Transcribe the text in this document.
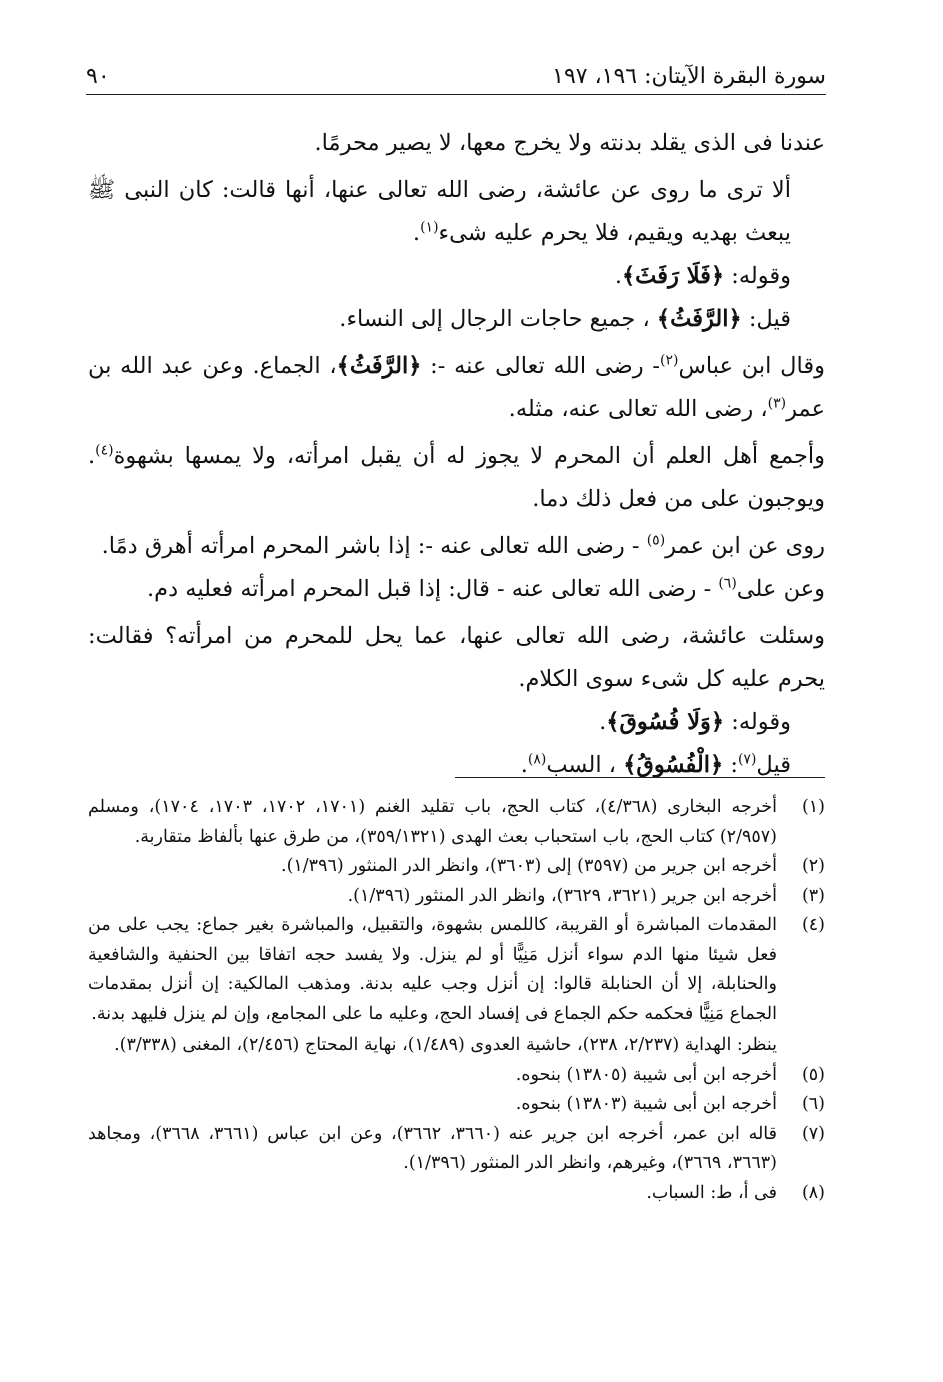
سورة البقرة الآيتان: ١٩٦، ١٩٧
٩٠

عندنا فى الذى يقلد بدنته ولا يخرج معها، لا يصير محرمًا.

ألا ترى ما روى عن عائشة، رضى الله تعالى عنها، أنها قالت: كان النبى ﷺ يبعث بهديه ويقيم، فلا يحرم عليه شىء$^{(١)}$.

وقوله: ﴿فَلَا رَفَثَ﴾.

قيل: ﴿الرَّفَثُ﴾ ، جميع حاجات الرجال إلى النساء.

وقال ابن عباس$^{(٢)}$- رضى الله تعالى عنه -: ﴿الرَّفَثُ﴾، الجماع. وعن عبد الله بن عمر$^{(٣)}$، رضى الله تعالى عنه، مثله.

وأجمع أهل العلم أن المحرم لا يجوز له أن يقبل امرأته، ولا يمسها بشهوة$^{(٤)}$. ويوجبون على من فعل ذلك دما.

روى عن ابن عمر$^{(٥)}$ - رضى الله تعالى عنه -: إذا باشر المحرم امرأته أهرق دمًا.

وعن على$^{(٦)}$ - رضى الله تعالى عنه - قال: إذا قبل المحرم امرأته فعليه دم.

وسئلت عائشة، رضى الله تعالى عنها، عما يحل للمحرم من امرأته؟ فقالت: يحرم عليه كل شىء سوى الكلام.

وقوله: ﴿وَلَا فُسُوقَ﴾.

قيل$^{(٧)}$: ﴿الْفُسُوقُ﴾ ، السب$^{(٨)}$.

(١)
أخرجه البخارى (٤/٣٦٨)، كتاب الحج، باب تقليد الغنم (١٧٠١، ١٧٠٢، ١٧٠٣، ١٧٠٤)، ومسلم (٢/٩٥٧) كتاب الحج، باب استحباب بعث الهدى (٣٥٩/١٣٢١)، من طرق عنها بألفاظ متقاربة.
(٢)
أخرجه ابن جرير من (٣٥٩٧) إلى (٣٦٠٣)، وانظر الدر المنثور (١/٣٩٦).
(٣)
أخرجه ابن جرير (٣٦٢١، ٣٦٢٩)، وانظر الدر المنثور (١/٣٩٦).
(٤)
المقدمات المباشرة أو القريبة، كاللمس بشهوة، والتقبيل، والمباشرة بغير جماع: يجب على من فعل شيئا منها الدم سواء أنزل مَنِيًّا أو لم ينزل. ولا يفسد حجه اتفاقا بين الحنفية والشافعية والحنابلة، إلا أن الحنابلة قالوا: إن أنزل وجب عليه بدنة. ومذهب المالكية: إن أنزل بمقدمات الجماع مَنِيًّا فحكمه حكم الجماع فى إفساد الحج، وعليه ما على المجامع، وإن لم ينزل فليهد بدنة.
ينظر: الهداية (٢/٢٣٧، ٢٣٨)، حاشية العدوى (١/٤٨٩)، نهاية المحتاج (٢/٤٥٦)، المغنى (٣/٣٣٨).
(٥)
أخرجه ابن أبى شيبة (١٣٨٠٥) بنحوه.
(٦)
أخرجه ابن أبى شيبة (١٣٨٠٣) بنحوه.
(٧)
قاله ابن عمر، أخرجه ابن جرير عنه (٣٦٦٠، ٣٦٦٢)، وعن ابن عباس (٣٦٦١، ٣٦٦٨)، ومجاهد (٣٦٦٣، ٣٦٦٩)، وغيرهم، وانظر الدر المنثور (١/٣٩٦).
(٨)
فى أ، ط: السباب.
